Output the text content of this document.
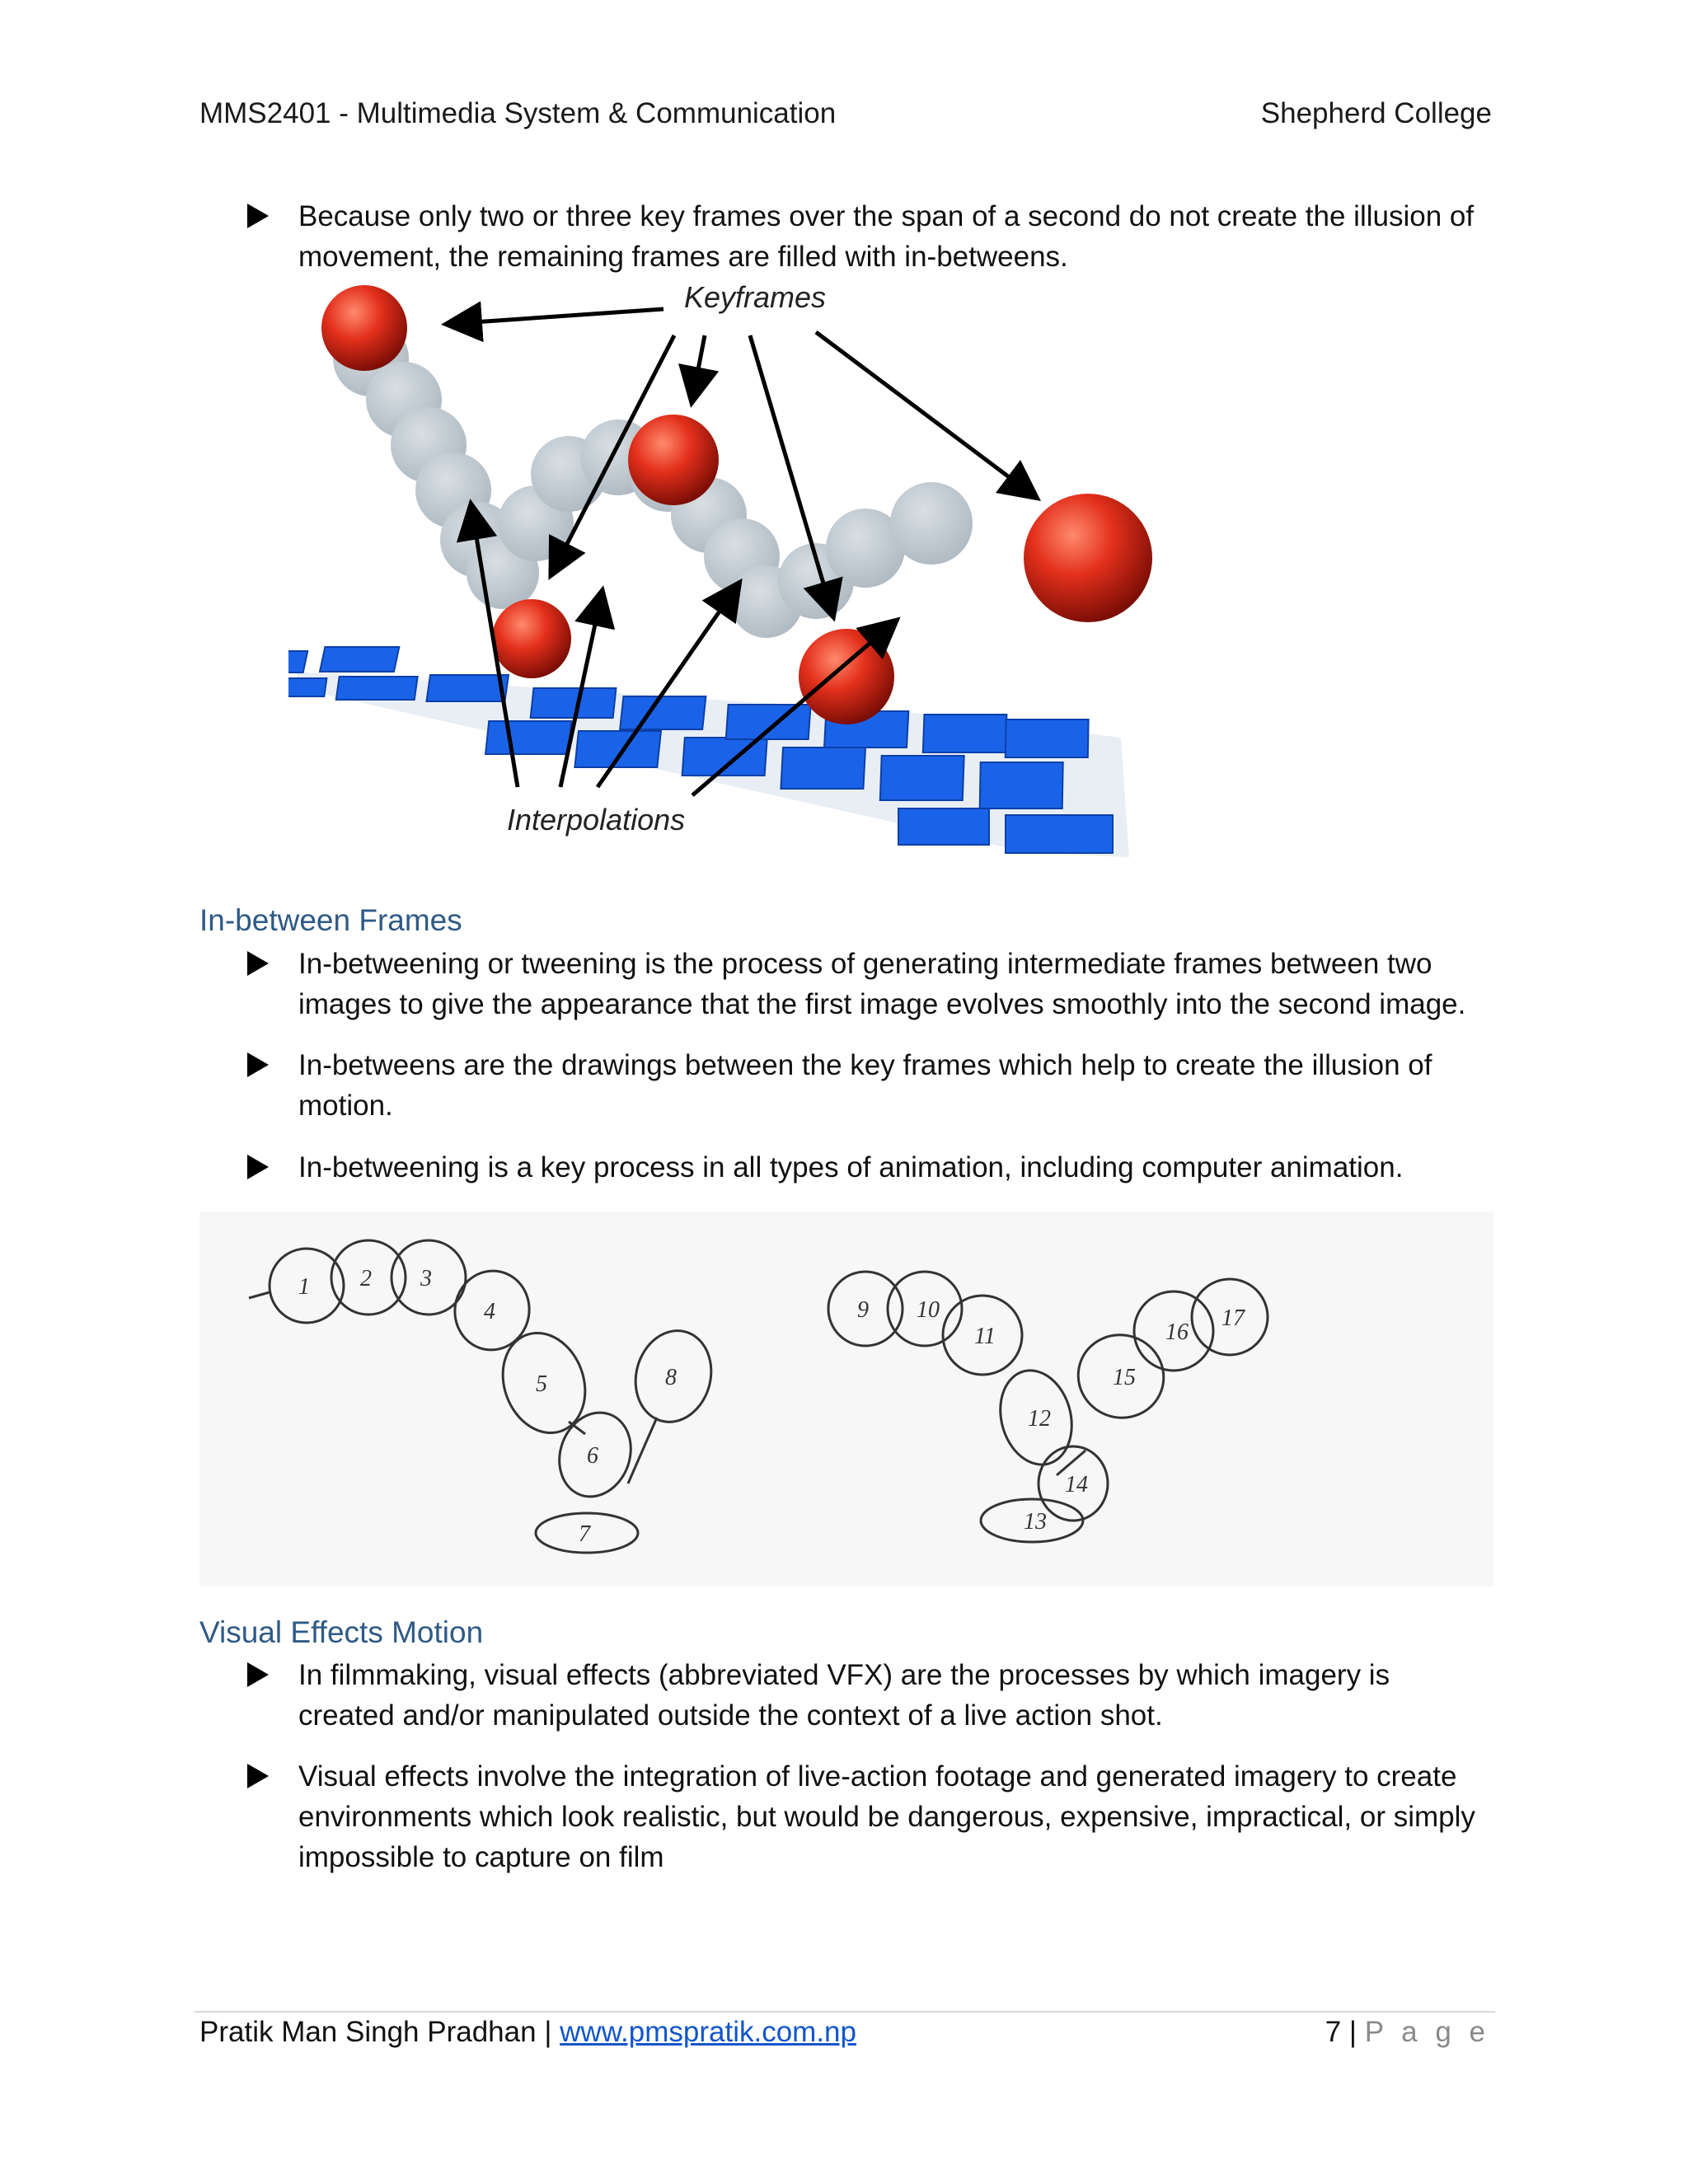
MMS2401 - Multimedia System & Communication	Shepherd College
Because only two or three key frames over the span of a second do not create the illusion of movement, the remaining frames are filled with in-betweens.
Keyframes
Interpolations
In-between Frames
In-betweening or tweening is the process of generating intermediate frames between two images to give the appearance that the first image evolves smoothly into the second image.
In-betweens are the drawings between the key frames which help to create the illusion of motion.
In-betweening is a key process in all types of animation, including computer animation.
1 2 3
4
5
6
7
8
9 10
11
12
13
14
15
16
17
Visual Effects Motion
In filmmaking, visual effects (abbreviated VFX) are the processes by which imagery is created and/or manipulated outside the context of a live action shot.
Visual effects involve the integration of live-action footage and generated imagery to create environments which look realistic, but would be dangerous, expensive, impractical, or simply impossible to capture on film
Pratik Man Singh Pradhan | www.pmspratik.com.np	7 | P a g e
